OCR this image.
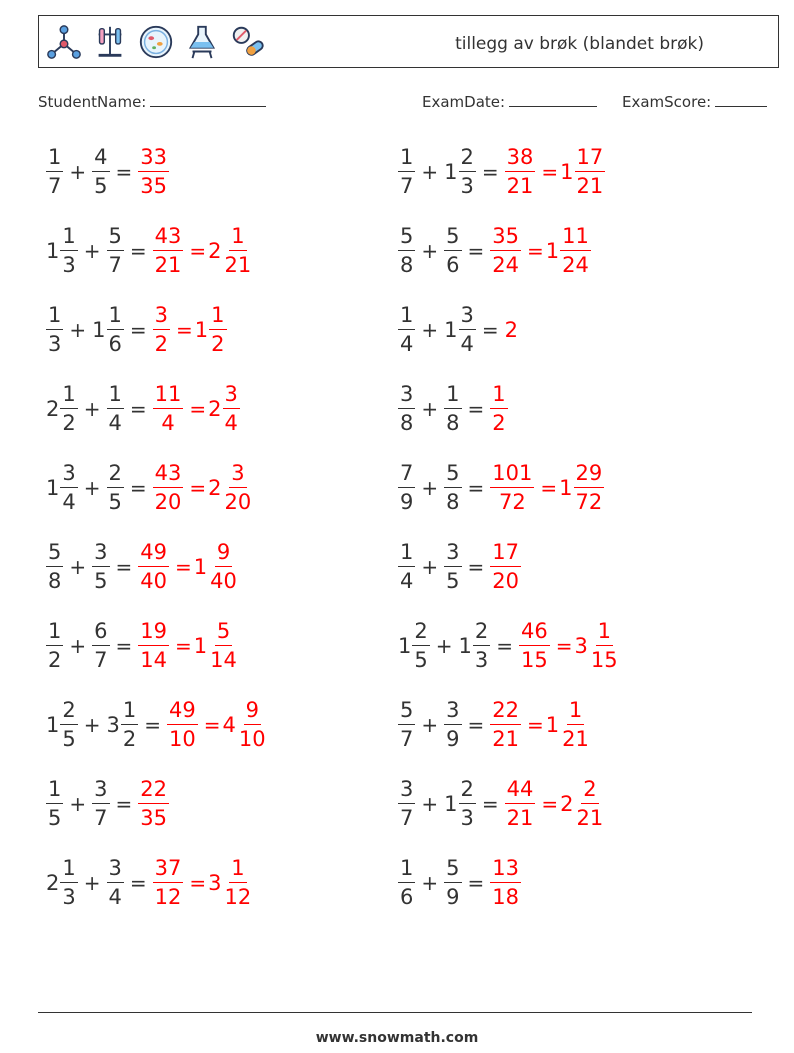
tillegg av brøk (blandet brøk)
StudentName:	ExamDate:	ExamScore:
$\frac{1}{7} + \frac{4}{5} = \frac{33}{35}$	$\frac{1}{7} + 1 \frac{2}{3} = \frac{38}{21} = 1 \frac{17}{21}$
$1 \frac{1}{3} + \frac{5}{7} = \frac{43}{21} = 2 \frac{1}{21}$	$\frac{5}{8} + \frac{5}{6} = \frac{35}{24} = 1 \frac{11}{24}$
$\frac{1}{3} + 1 \frac{1}{6} = \frac{3}{2} = 1 \frac{1}{2}$	$\frac{1}{4} + 1 \frac{3}{4} = 2$
$2 \frac{1}{2} + \frac{1}{4} = \frac{11}{4} = 2 \frac{3}{4}$	$\frac{3}{8} + \frac{1}{8} = \frac{1}{2}$
$1 \frac{3}{4} + \frac{2}{5} = \frac{43}{20} = 2 \frac{3}{20}$	$\frac{7}{9} + \frac{5}{8} = \frac{101}{72} = 1 \frac{29}{72}$
$\frac{5}{8} + \frac{3}{5} = \frac{49}{40} = 1 \frac{9}{40}$	$\frac{1}{4} + \frac{3}{5} = \frac{17}{20}$
$\frac{1}{2} + \frac{6}{7} = \frac{19}{14} = 1 \frac{5}{14}$	$1 \frac{2}{5} + 1 \frac{2}{3} = \frac{46}{15} = 3 \frac{1}{15}$
$1 \frac{2}{5} + 3 \frac{1}{2} = \frac{49}{10} = 4 \frac{9}{10}$	$\frac{5}{7} + \frac{3}{9} = \frac{22}{21} = 1 \frac{1}{21}$
$\frac{1}{5} + \frac{3}{7} = \frac{22}{35}$	$\frac{3}{7} + 1 \frac{2}{3} = \frac{44}{21} = 2 \frac{2}{21}$
$2 \frac{1}{3} + \frac{3}{4} = \frac{37}{12} = 3 \frac{1}{12}$	$\frac{1}{6} + \frac{5}{9} = \frac{13}{18}$
www.snowmath.com
